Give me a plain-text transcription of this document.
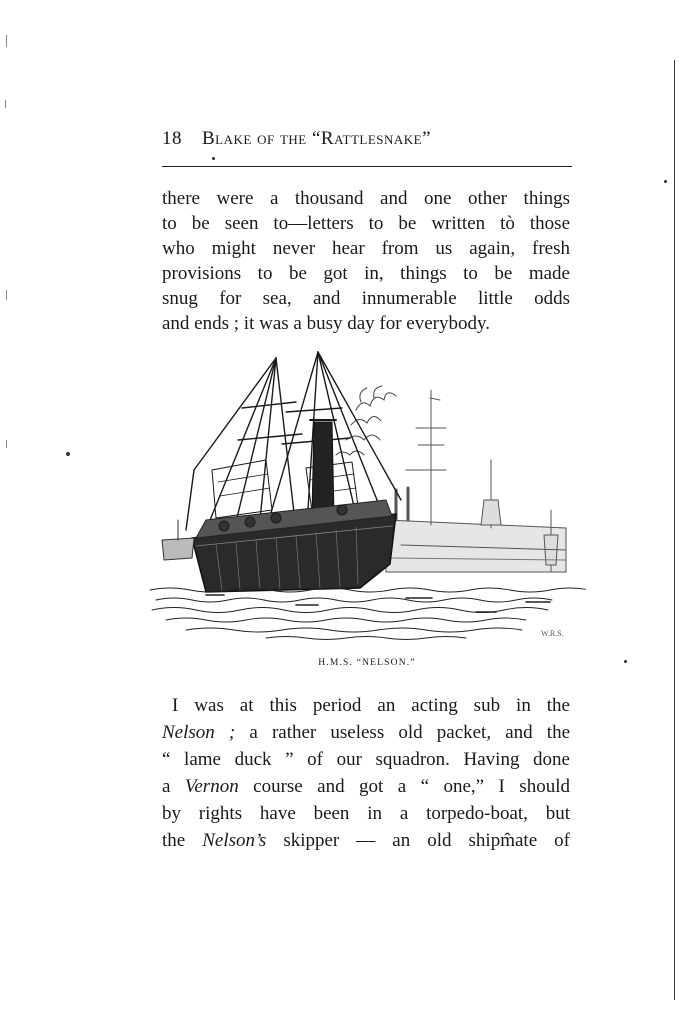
18 Blake of the “Rattlesnake”
there were a thousand and one other things
to be seen to—letters to be written tò those
who might never hear from us again, fresh
provisions to be got in, things to be made
snug for sea, and innumerable little odds
and ends ; it was a busy day for everybody.
W.R.S.
H.M.S. “NELSON.”
I was at this period an acting sub in the
Nelson ; a rather useless old packet, and the
“ lame duck ” of our squadron. Having done
a Vernon course and got a “ one,” I should
by rights have been in a torpedo-boat, but
the Nelson’s skipper — an old shipm̂ate of
